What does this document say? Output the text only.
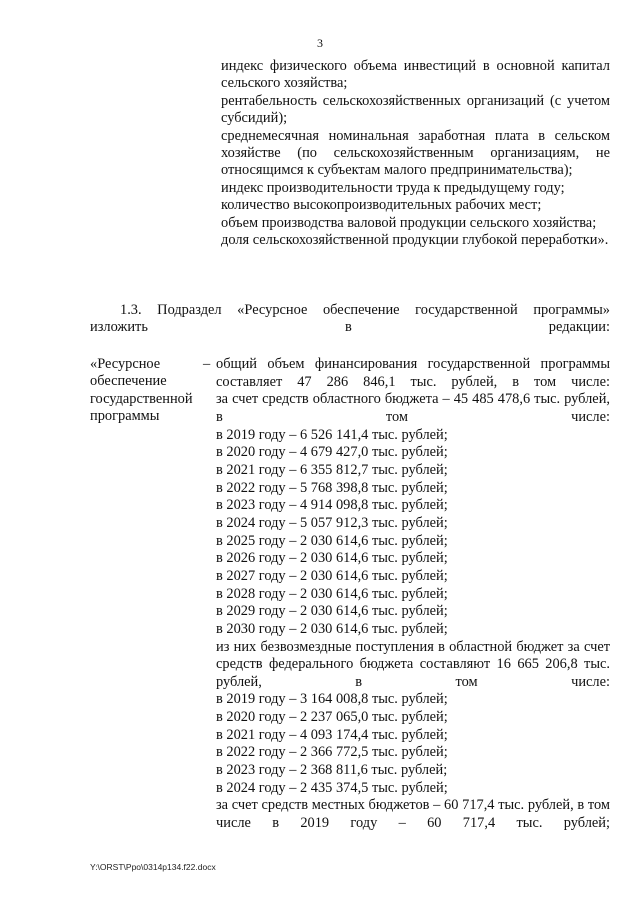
3
индекс физического объема инвестиций в основной капитал сельского хозяйства;
рентабельность сельскохозяйственных организаций (с учетом субсидий);
среднемесячная номинальная заработная плата в сельском хозяйстве (по сельскохозяйственным организациям, не относящимся к субъектам малого предпринимательства);
индекс производительности труда к предыдущему году;
количество высокопроизводительных рабочих мест;
объем производства валовой продукции сельского хозяйства;
доля сельскохозяйственной продукции глубокой переработки».
1.3. Подраздел «Ресурсное обеспечение государственной программы» изложить в редакции:
«Ресурсное обеспечение государственной программы
– общий объем финансирования государственной программы составляет 47 286 846,1 тыс. рублей, в том числе:
за счет средств областного бюджета – 45 485 478,6 тыс. рублей, в том числе:
в 2019 году – 6 526 141,4 тыс. рублей;
в 2020 году – 4 679 427,0 тыс. рублей;
в 2021 году – 6 355 812,7 тыс. рублей;
в 2022 году – 5 768 398,8 тыс. рублей;
в 2023 году – 4 914 098,8 тыс. рублей;
в 2024 году – 5 057 912,3 тыс. рублей;
в 2025 году – 2 030 614,6 тыс. рублей;
в 2026 году – 2 030 614,6 тыс. рублей;
в 2027 году – 2 030 614,6 тыс. рублей;
в 2028 году – 2 030 614,6 тыс. рублей;
в 2029 году – 2 030 614,6 тыс. рублей;
в 2030 году – 2 030 614,6 тыс. рублей;
из них безвозмездные поступления в областной бюджет за счет средств федерального бюджета составляют 16 665 206,8 тыс. рублей, в том числе:
в 2019 году – 3 164 008,8 тыс. рублей;
в 2020 году – 2 237 065,0 тыс. рублей;
в 2021 году – 4 093 174,4 тыс. рублей;
в 2022 году – 2 366 772,5 тыс. рублей;
в 2023 году – 2 368 811,6 тыс. рублей;
в 2024 году – 2 435 374,5 тыс. рублей;
за счет средств местных бюджетов – 60 717,4 тыс. рублей, в том числе в 2019 году – 60 717,4 тыс. рублей;
Y:\ORST\Ppo\0314p134.f22.docx
